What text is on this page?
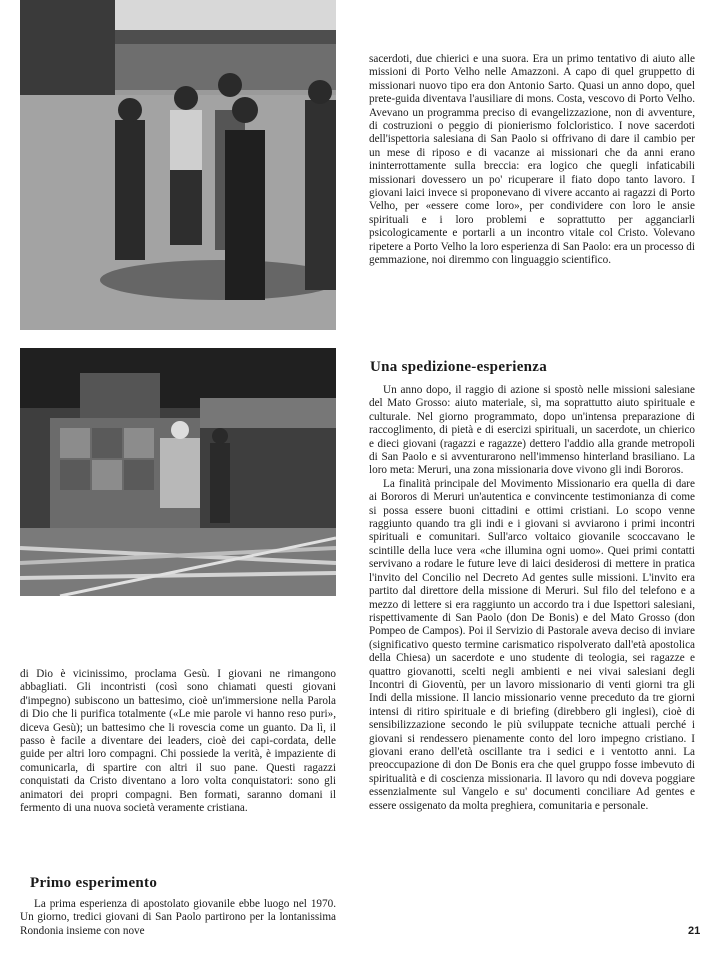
sacerdoti, due chierici e una suora. Era un primo tentativo di aiuto alle missioni di Porto Velho nelle Amazzoni. A capo di quel gruppetto di missionari nuovo tipo era don Antonio Sarto. Quasi un anno dopo, quel prete-guida diventava l'ausiliare di mons. Costa, vescovo di Porto Velho. Avevano un programma preciso di evangelizzazione, non di avventure, di costruzioni o peggio di pionierismo folcloristico. I nove sacerdoti dell'ispettoria salesiana di San Paolo si offrivano di dare il cambio per un mese di riposo e di vacanze ai missionari che da anni erano ininterrottamente sulla breccia: era logico che quegli infaticabili missionari dovessero un po' ricuperare il fiato dopo tanto lavoro. I giovani laici invece si proponevano di vivere accanto ai ragazzi di Porto Velho, per «essere come loro», per condividere con loro le ansie spirituali e i loro problemi e soprattutto per agganciarli psicologicamente e portarli a un incontro vitale col Cristo. Volevano ripetere a Porto Velho la loro esperienza di San Paolo: era un processo di gemmazione, noi diremmo con linguaggio scientifico.

Una spedizione-esperienza

Un anno dopo, il raggio di azione si spostò nelle missioni salesiane del Mato Grosso: aiuto materiale, sì, ma soprattutto aiuto spirituale e culturale. Nel giorno programmato, dopo un'intensa preparazione di raccoglimento, di pietà e di esercizi spirituali, un sacerdote, un chierico e dieci giovani (ragazzi e ragazze) dettero l'addio alla grande metropoli di San Paolo e si avventurarono nell'immenso hinterland brasiliano. La loro meta: Meruri, una zona missionaria dove vivono gli indi Bororos.

La finalità principale del Movimento Missionario era quella di dare ai Bororos di Meruri un'autentica e convincente testimonianza di come si possa essere buoni cittadini e ottimi cristiani. Lo scopo venne raggiunto quando tra gli indi e i giovani si avviarono i primi incontri spirituali e comunitari. Sull'arco voltaico giovanile scoccavano le scintille della luce vera «che illumina ogni uomo». Quei primi contatti servivano a rodare le future leve di laici desiderosi di mettere in pratica l'invito del Concilio nel Decreto Ad gentes sulle missioni. L'invito era partito dal direttore della missione di Meruri. Sul filo del telefono e a mezzo di lettere si era raggiunto un accordo tra i due Ispettori salesiani, rispettivamente di San Paolo (don De Bonis) e del Mato Grosso (don Pompeo de Campos). Poi il Servizio di Pastorale aveva deciso di inviare (significativo questo termine carismatico rispolverato dall'età apostolica della Chiesa) un sacerdote e uno studente di teologia, sei ragazze e quattro giovanotti, scelti negli ambienti e nei vivai salesiani degli Incontri di Gioventù, per un lavoro missionario di venti giorni tra gli Indi della missione. Il lancio missionario venne preceduto da tre giorni intensi di ritiro spirituale e di briefing (direbbero gli inglesi), cioè di sensibilizzazione secondo le più sviluppate tecniche attuali perché i giovani si rendessero pienamente conto del loro impegno cristiano. I giovani erano dell'età oscillante tra i sedici e i ventotto anni. La preoccupazione di don De Bonis era che quel gruppo fosse imbevuto di spiritualità e di coscienza missionaria. Il lavoro qu ndi doveva poggiare essenzialmente sul Vangelo e su' documenti conciliare Ad gentes e essere ossigenato da molta preghiera, comunitaria e personale.

di Dio è vicinissimo, proclama Gesù. I giovani ne rimangono abbagliati. Gli incontristi (così sono chiamati questi giovani d'impegno) subiscono un battesimo, cioè un'immersione nella Parola di Dio che li purifica totalmente («Le mie parole vi hanno reso puri», diceva Gesù); un battesimo che li rovescia come un guanto. Da lì, il passo è facile a diventare dei leaders, cioè dei capi-cordata, delle guide per altri loro compagni. Chi possiede la verità, è impaziente di comunicarla, di spartire con altri il suo pane. Questi ragazzi conquistati da Cristo diventano a loro volta conquistatori: sono gli animatori dei propri compagni. Ben formati, saranno domani il fermento di una nuova società veramente cristiana.

Primo esperimento

La prima esperienza di apostolato giovanile ebbe luogo nel 1970. Un giorno, tredici giovani di San Paolo partirono per la lontanissima Rondonia insieme con nove	21
